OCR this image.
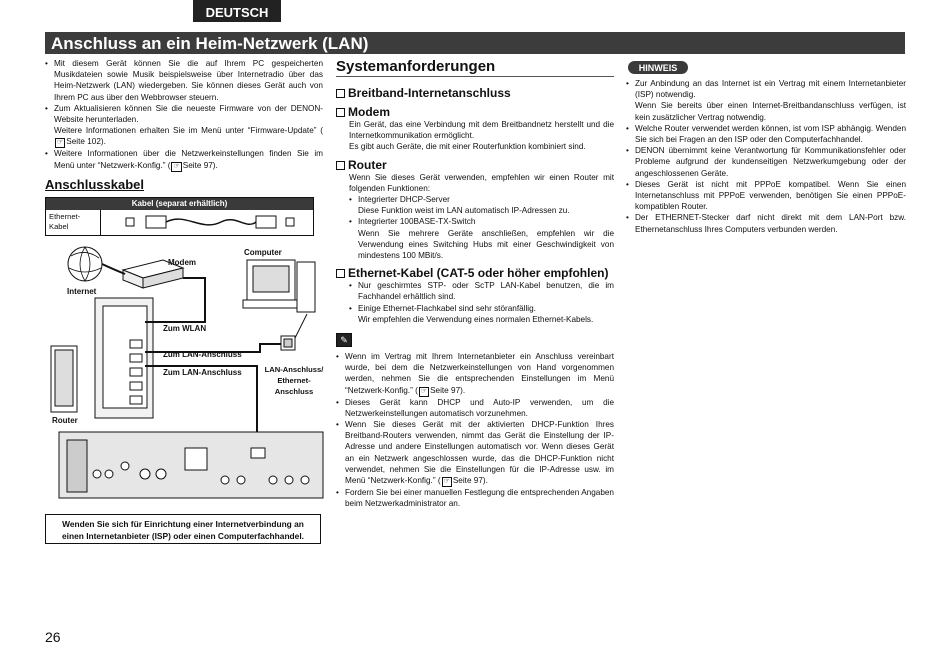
DEUTSCH
Anschluss an ein Heim-Netzwerk (LAN)
• Mit diesem Gerät können Sie die auf Ihrem PC gespeicherten Musikdateien sowie Musik beispielsweise über Internetradio über das Heim-Netzwerk (LAN) wiedergeben. Sie können dieses Gerät auch von Ihrem PC aus über den Webbrowser steuern.
• Zum Aktualisieren können Sie die neueste Firmware von der DENON-Website herunterladen.
Weitere Informationen erhalten Sie im Menü unter “Firmware-Update” (☞ Seite 102).
• Weitere Informationen über die Netzwerkeinstellungen finden Sie im Menü unter “Netzwerk-Konfig.” ( ☞ Seite 97).
Anschlusskabel
Kabel (separat erhältlich)
Ethernet-Kabel
Internet
Modem
Computer
Zum WLAN
Zum LAN-Anschluss
Zum LAN-Anschluss	LAN-Anschluss/ Ethernet-Anschluss
Router
Wenden Sie sich für Einrichtung einer Internetverbindung an einen Internetanbieter (ISP) oder einen Computerfachhandel.
Systemanforderungen
Breitband-Internetanschluss
Modem
Ein Gerät, das eine Verbindung mit dem Breitbandnetz herstellt und die Internetkommunikation ermöglicht.
Es gibt auch Geräte, die mit einer Routerfunktion kombiniert sind.
Router
Wenn Sie dieses Gerät verwenden, empfehlen wir einen Router mit folgenden Funktionen:
• Integrierter DHCP-Server
Diese Funktion weist im LAN automatisch IP-Adressen zu.
• Integrierter 100BASE-TX-Switch
Wenn Sie mehrere Geräte anschließen, empfehlen wir die Verwendung eines Switching Hubs mit einer Geschwindigkeit von mindestens 100 MBit/s.
Ethernet-Kabel (CAT-5 oder höher empfohlen)
• Nur geschirmtes STP- oder ScTP LAN-Kabel benutzen, die im Fachhandel erhältlich sind.
• Einige Ethernet-Flachkabel sind sehr störanfällig.
Wir empfehlen die Verwendung eines normalen Ethernet-Kabels.
✎
• Wenn im Vertrag mit Ihrem Internetanbieter ein Anschluss vereinbart wurde, bei dem die Netzwerkeinstellungen von Hand vorgenommen werden, nehmen Sie die entsprechenden Einstellungen im Menü “Netzwerk-Konfig.” ( ☞ Seite 97).
• Dieses Gerät kann DHCP und Auto-IP verwenden, um die Netzwerkeinstellungen automatisch vorzunehmen.
• Wenn Sie dieses Gerät mit der aktivierten DHCP-Funktion Ihres Breitband-Routers verwenden, nimmt das Gerät die Einstellung der IP-Adresse und andere Einstellungen automatisch vor. Wenn dieses Gerät an ein Netzwerk angeschlossen wurde, das die DHCP-Funktion nicht verwendet, nehmen Sie die Einstellungen für die IP-Adresse usw. im Menü “Netzwerk-Konfig.” ( ☞ Seite 97).
• Fordern Sie bei einer manuellen Festlegung die entsprechenden Angaben beim Netzwerkadministrator an.
HINWEIS
• Zur Anbindung an das Internet ist ein Vertrag mit einem Internetanbieter (ISP) notwendig.
Wenn Sie bereits über einen Internet-Breitbandanschluss verfügen, ist kein zusätzlicher Vertrag notwendig.
• Welche Router verwendet werden können, ist vom ISP abhängig. Wenden Sie sich bei Fragen an den ISP oder den Computerfachhandel.
• DENON übernimmt keine Verantwortung für Kommunikationsfehler oder Probleme aufgrund der kundenseitigen Netzwerkumgebung oder der angeschlossenen Geräte.
• Dieses Gerät ist nicht mit PPPoE kompatibel. Wenn Sie einen Internetanschluss mit PPPoE verwenden, benötigen Sie einen PPPoE-kompatiblen Router.
• Der ETHERNET-Stecker darf nicht direkt mit dem LAN-Port bzw. Ethernetanschluss Ihres Computers verbunden werden.
26
